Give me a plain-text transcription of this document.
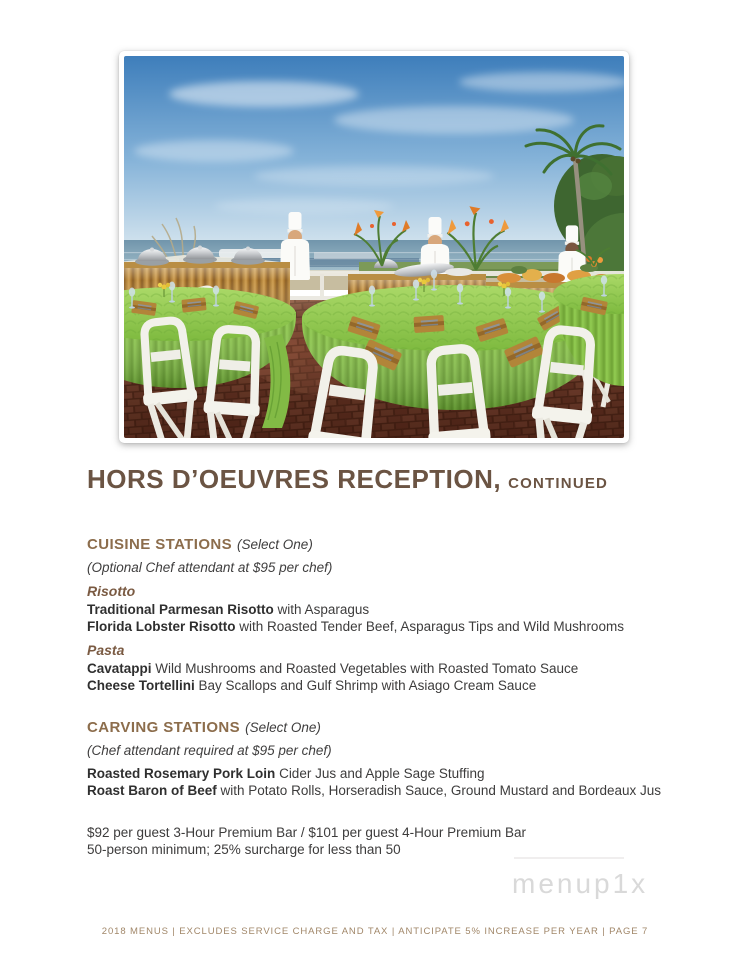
HORS D’OEUVRES RECEPTION, CONTINUED
CUISINE STATIONS (Select One)

(Optional Chef attendant at $95 per chef)

Risotto

Traditional Parmesan Risotto with Asparagus

Florida Lobster Risotto with Roasted Tender Beef, Asparagus Tips and Wild Mushrooms

Pasta

Cavatappi Wild Mushrooms and Roasted Vegetables with Roasted Tomato Sauce

Cheese Tortellini Bay Scallops and Gulf Shrimp with Asiago Cream Sauce

CARVING STATIONS (Select One)

(Chef attendant required at $95 per chef)

Roasted Rosemary Pork Loin Cider Jus and Apple Sage Stuffing

Roast Baron of Beef with Potato Rolls, Horseradish Sauce, Ground Mustard and Bordeaux Jus

$92 per guest 3-Hour Premium Bar / $101 per guest 4-Hour Premium Bar

50-person minimum; 25% surcharge for less than 50

menup1x
2018 MENUS | EXCLUDES SERVICE CHARGE AND TAX | ANTICIPATE 5% INCREASE PER YEAR | PAGE 7
